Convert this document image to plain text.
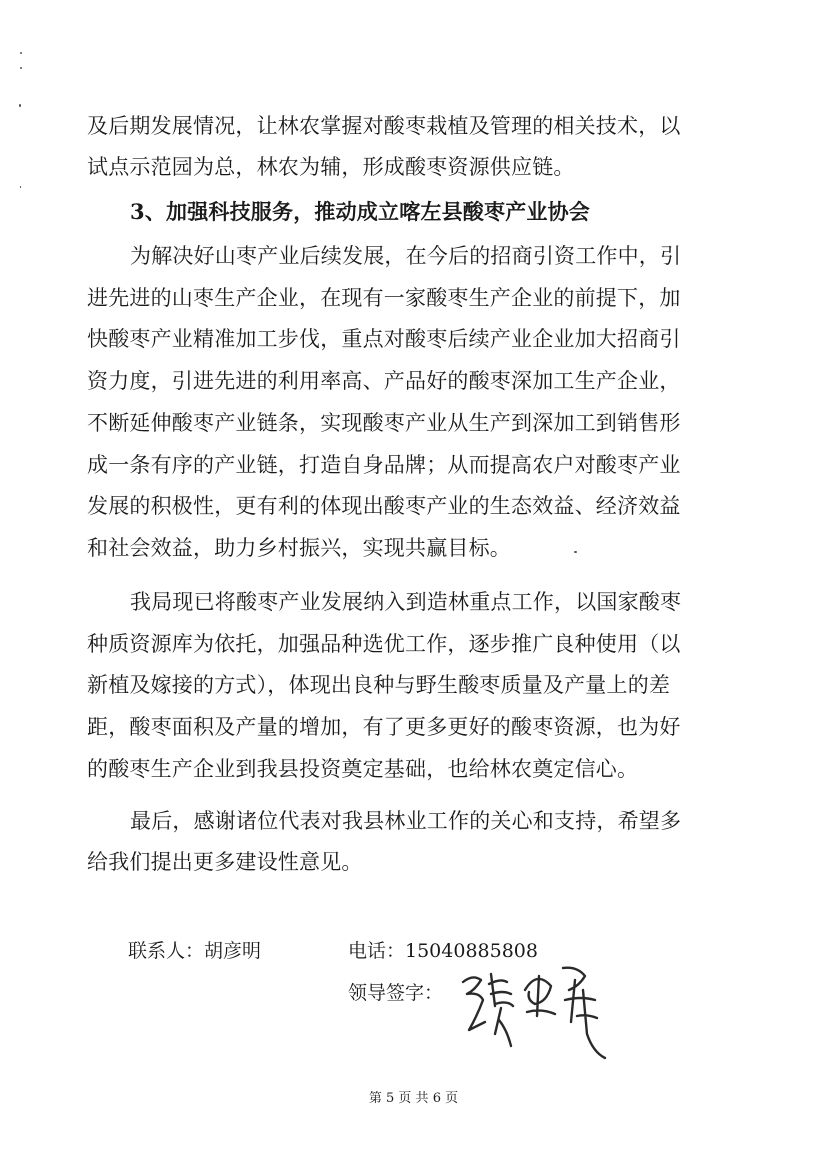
及后期发展情况，让林农掌握对酸枣栽植及管理的相关技术，以
试点示范园为总，林农为辅，形成酸枣资源供应链。
3、加强科技服务，推动成立喀左县酸枣产业协会
为解决好山枣产业后续发展，在今后的招商引资工作中，引
进先进的山枣生产企业，在现有一家酸枣生产企业的前提下，加
快酸枣产业精准加工步伐，重点对酸枣后续产业企业加大招商引
资力度，引进先进的利用率高、产品好的酸枣深加工生产企业，
不断延伸酸枣产业链条，实现酸枣产业从生产到深加工到销售形
成一条有序的产业链，打造自身品牌；从而提高农户对酸枣产业
发展的积极性，更有利的体现出酸枣产业的生态效益、经济效益
和社会效益，助力乡村振兴，实现共赢目标。
我局现已将酸枣产业发展纳入到造林重点工作，以国家酸枣
种质资源库为依托，加强品种选优工作，逐步推广良种使用（以
新植及嫁接的方式），体现出良种与野生酸枣质量及产量上的差
距，酸枣面积及产量的增加，有了更多更好的酸枣资源，也为好
的酸枣生产企业到我县投资奠定基础，也给林农奠定信心。
最后，感谢诸位代表对我县林业工作的关心和支持，希望多
给我们提出更多建设性意见。
联系人：胡彦明	电话：15040885808
领导签字：
第 5 页 共 6 页
